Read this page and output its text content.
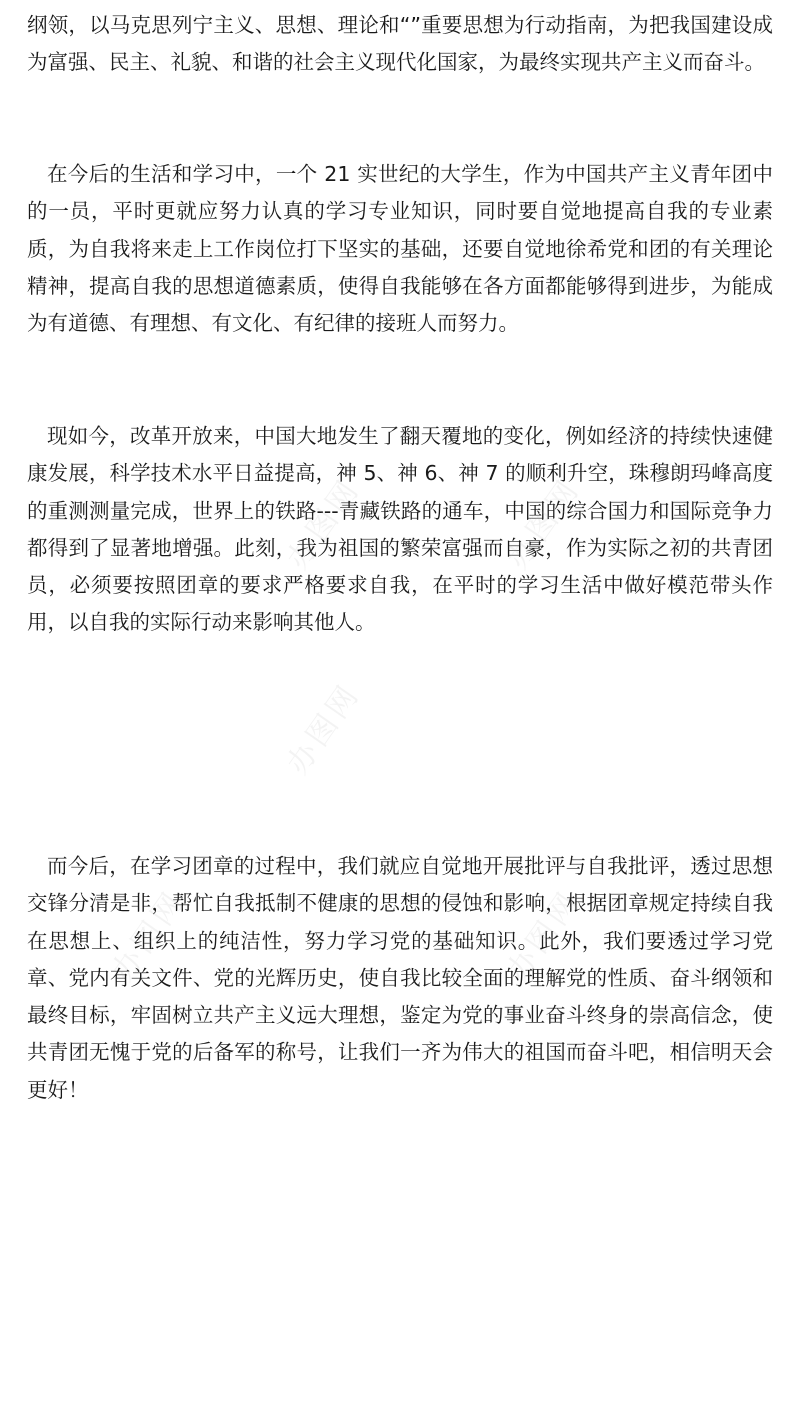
纲领，以马克思列宁主义、思想、理论和“”重要思想为行动指南，为把我国建设成为富强、民主、礼貌、和谐的社会主义现代化国家，为最终实现共产主义而奋斗。

在今后的生活和学习中，一个 21 实世纪的大学生，作为中国共产主义青年团中的一员，平时更就应努力认真的学习专业知识，同时要自觉地提高自我的专业素质，为自我将来走上工作岗位打下坚实的基础，还要自觉地徐希党和团的有关理论精神，提高自我的思想道德素质，使得自我能够在各方面都能够得到进步，为能成为有道德、有理想、有文化、有纪律的接班人而努力。

现如今，改革开放来，中国大地发生了翻天覆地的变化，例如经济的持续快速健康发展，科学技术水平日益提高，神 5、神 6、神 7 的顺利升空，珠穆朗玛峰高度的重测测量完成，世界上的铁路---青藏铁路的通车，中国的综合国力和国际竞争力都得到了显著地增强。此刻，我为祖国的繁荣富强而自豪，作为实际之初的共青团员，必须要按照团章的要求严格要求自我，在平时的学习生活中做好模范带头作用，以自我的实际行动来影响其他人。

而今后，在学习团章的过程中，我们就应自觉地开展批评与自我批评，透过思想交锋分清是非，帮忙自我抵制不健康的思想的侵蚀和影响，根据团章规定持续自我在思想上、组织上的纯洁性，努力学习党的基础知识。此外，我们要透过学习党章、党内有关文件、党的光辉历史，使自我比较全面的理解党的性质、奋斗纲领和最终目标，牢固树立共产主义远大理想，鉴定为党的事业奋斗终身的崇高信念，使共青团无愧于党的后备军的称号，让我们一齐为伟大的祖国而奋斗吧，相信明天会更好！

办图网	办图网
办图网
办图网	办图网
